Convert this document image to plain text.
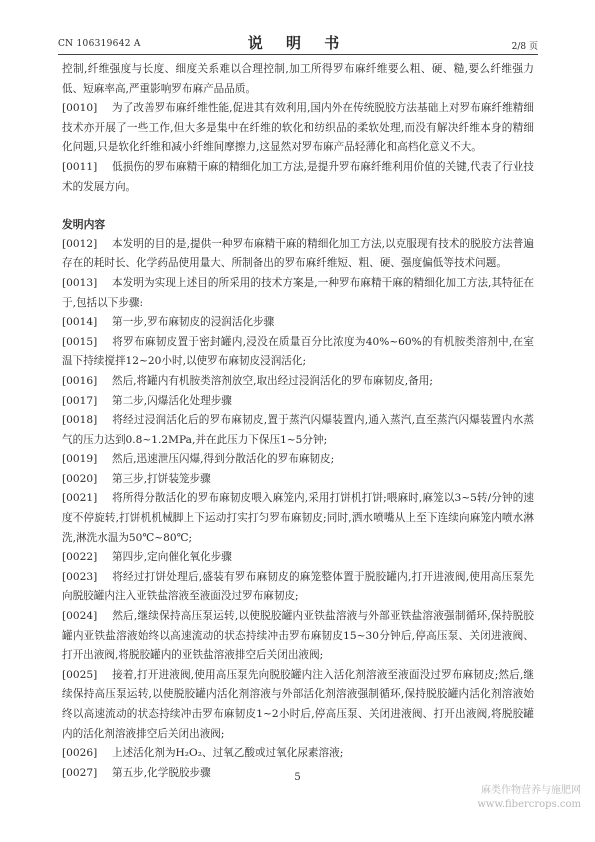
CN 106319642 A	说 明 书	2/8 页

控制,纤维强度与长度、细度关系难以合理控制,加工所得罗布麻纤维要么粗、硬、糙,要么纤维强力低、短麻率高,严重影响罗布麻产品品质。

[0010] 为了改善罗布麻纤维性能,促进其有效利用,国内外在传统脱胶方法基础上对罗布麻纤维精细技术亦开展了一些工作,但大多是集中在纤维的软化和纺织品的柔软处理,而没有解决纤维本身的精细化问题,只是软化纤维和减小纤维间摩擦力,这显然对罗布麻产品轻薄化和高档化意义不大。

[0011] 低损伤的罗布麻精干麻的精细化加工方法,是提升罗布麻纤维利用价值的关键,代表了行业技术的发展方向。

发明内容

[0012] 本发明的目的是,提供一种罗布麻精干麻的精细化加工方法,以克服现有技术的脱胶方法普遍存在的耗时长、化学药品使用量大、所制备出的罗布麻纤维短、粗、硬、强度偏低等技术问题。

[0013] 本发明为实现上述目的所采用的技术方案是,一种罗布麻精干麻的精细化加工方法,其特征在于,包括以下步骤:

[0014] 第一步,罗布麻韧皮的浸润活化步骤

[0015] 将罗布麻韧皮置于密封罐内,浸没在质量百分比浓度为40%~60%的有机胺类溶剂中,在室温下持续搅拌12~20小时,以使罗布麻韧皮浸润活化;

[0016] 然后,将罐内有机胺类溶剂放空,取出经过浸润活化的罗布麻韧皮,备用;

[0017] 第二步,闪爆活化处理步骤

[0018] 将经过浸润活化后的罗布麻韧皮,置于蒸汽闪爆装置内,通入蒸汽,直至蒸汽闪爆装置内水蒸气的压力达到0.8~1.2MPa,并在此压力下保压1~5分钟;

[0019] 然后,迅速泄压闪爆,得到分散活化的罗布麻韧皮;

[0020] 第三步,打饼装笼步骤

[0021] 将所得分散活化的罗布麻韧皮喂入麻笼内,采用打饼机打饼;喂麻时,麻笼以3~5转/分钟的速度不停旋转,打饼机机械脚上下运动打实打匀罗布麻韧皮;同时,洒水喷嘴从上至下连续向麻笼内喷水淋洗,淋洗水温为50℃~80℃;

[0022] 第四步,定向催化氧化步骤

[0023] 将经过打饼处理后,盛装有罗布麻韧皮的麻笼整体置于脱胶罐内,打开进液阀,使用高压泵先向脱胶罐内注入亚铁盐溶液至液面没过罗布麻韧皮;

[0024] 然后,继续保持高压泵运转,以使脱胶罐内亚铁盐溶液与外部亚铁盐溶液强制循环,保持脱胶罐内亚铁盐溶液始终以高速流动的状态持续冲击罗布麻韧皮15~30分钟后,停高压泵、关闭进液阀、打开出液阀,将脱胶罐内的亚铁盐溶液排空后关闭出液阀;

[0025] 接着,打开进液阀,使用高压泵先向脱胶罐内注入活化剂溶液至液面没过罗布麻韧皮;然后,继续保持高压泵运转,以使脱胶罐内活化剂溶液与外部活化剂溶液强制循环,保持脱胶罐内活化剂溶液始终以高速流动的状态持续冲击罗布麻韧皮1~2小时后,停高压泵、关闭进液阀、打开出液阀,将脱胶罐内的活化剂溶液排空后关闭出液阀;

[0026] 上述活化剂为H₂O₂、过氧乙酸或过氧化尿素溶液;

[0027] 第五步,化学脱胶步骤	5
麻类作物营养与施肥网
www.fibercrops.com
